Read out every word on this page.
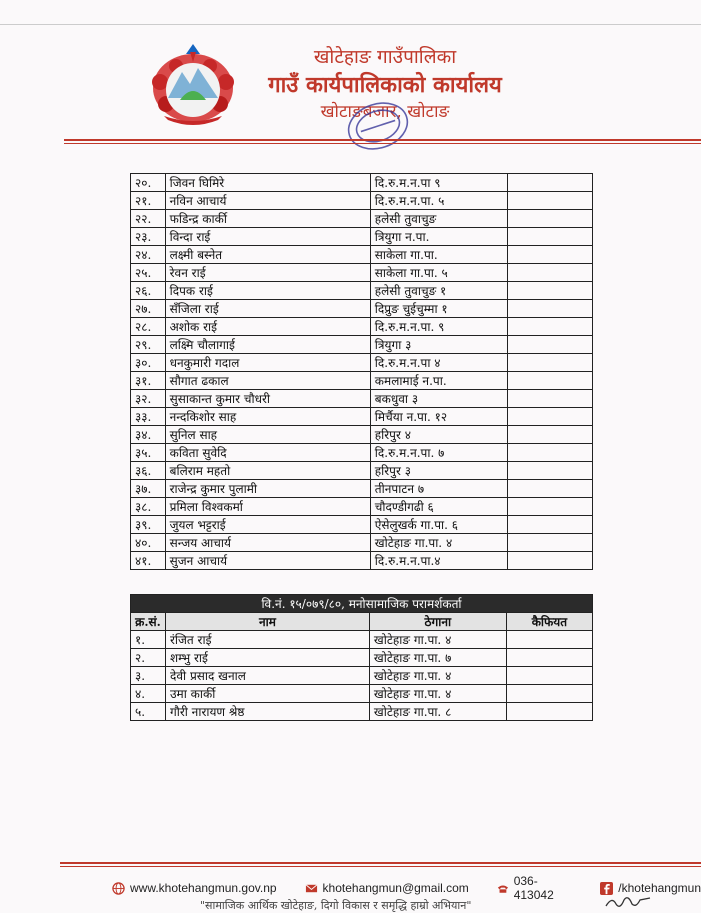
खोटेहाङ गाउँपालिका
गाउँ कार्यपालिकाको कार्यालय
खोटाङबजार, खोटाङ
२०.	जिवन घिमिरे	दि.रु.म.न.पा ९	
२१.	नविन आचार्य	दि.रु.म.न.पा. ५	
२२.	फडिन्द्र कार्की	हलेसी तुवाचुङ	
२३.	विन्दा राई	त्रियुगा न.पा.	
२४.	लक्ष्मी बस्नेत	साकेला गा.पा.	
२५.	रेवन राई	साकेला गा.पा. ५	
२६.	दिपक राई	हलेसी तुवाचुङ १	
२७.	सँजिला राई	दिप्रुङ चुईचुम्मा १	
२८.	अशोक राई	दि.रु.म.न.पा. ९	
२९.	लक्ष्मि चौलागाई	त्रियुगा ३	
३०.	धनकुमारी गदाल	दि.रु.म.न.पा ४	
३१.	सौगात ढकाल	कमलामाई न.पा.	
३२.	सुसाकान्त कुमार चौधरी	बकधुवा ३	
३३.	नन्दकिशोर साह	मिर्चैया न.पा. १२	
३४.	सुनिल साह	हरिपुर ४	
३५.	कविता सुवेदि	दि.रु.म.न.पा. ७	
३६.	बलिराम महतो	हरिपुर ३	
३७.	राजेन्द्र कुमार पुलामी	तीनपाटन ७	
३८.	प्रमिला विश्वकर्मा	चौदण्डीगढी ६	
३९.	जुयल भट्टराई	ऐसेलुखर्क गा.पा. ६	
४०.	सन्जय आचार्य	खोटेहाङ गा.पा. ४	
४१.	सुजन आचार्य	दि.रु.म.न.पा.४	
वि.नं. १५/०७९/८०, मनोसामाजिक परामर्शकर्ता			
क्र.सं.	नाम	ठेगाना	कैफियत
१.	रंजित राई	खोटेहाङ गा.पा. ४	
२.	शम्भु राई	खोटेहाङ गा.पा. ७	
३.	देवी प्रसाद खनाल	खोटेहाङ गा.पा. ४	
४.	उमा कार्की	खोटेहाङ गा.पा. ४	
५.	गौरी नारायण श्रेष्ठ	खोटेहाङ गा.पा. ८	
www.khotehangmun.gov.np	khotehangmun@gmail.com	036-413042	/khotehangmun
"सामाजिक आर्थिक खोटेहाङ, दिगो विकास र समृद्धि हाम्रो अभियान"
